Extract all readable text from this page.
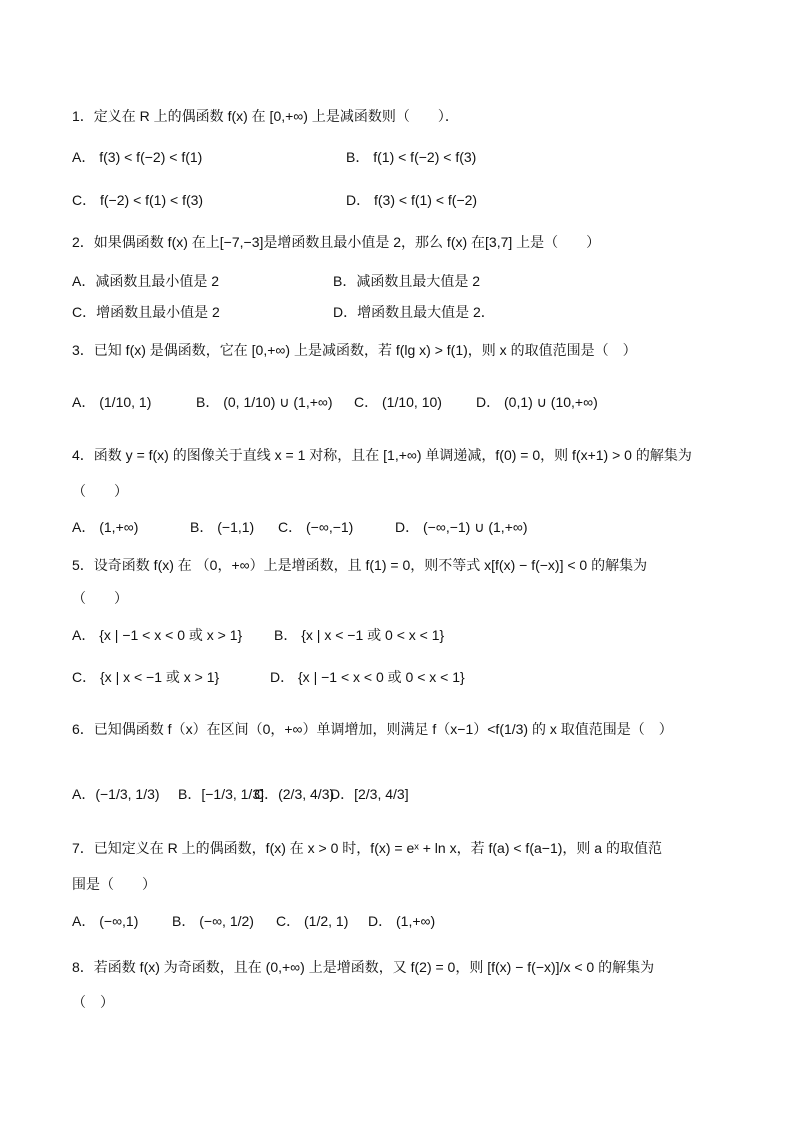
1．定义在 R 上的偶函数 f(x) 在 [0,+∞) 上是减函数则（　　）．
A． f(3) < f(−2) < f(1)	B． f(1) < f(−2) < f(3)
C． f(−2) < f(1) < f(3)	D． f(3) < f(1) < f(−2)
2．如果偶函数 f(x) 在上[−7,−3]是增函数且最小值是 2，那么 f(x) 在[3,7] 上是（　　）
A．减函数且最小值是 2	B．减函数且最大值是 2
C．增函数且最小值是 2	D．增函数且最大值是 2．
3．已知 f(x) 是偶函数，它在 [0,+∞) 上是减函数，若 f(lg x) > f(1)，则 x 的取值范围是（　）
A． (1/10, 1)	B． (0, 1/10) ∪ (1,+∞) C． (1/10, 10) D． (0,1) ∪ (10,+∞)
4．函数 y = f(x) 的图像关于直线 x = 1 对称，且在 [1,+∞) 单调递减，f(0) = 0，则 f(x+1) > 0 的解集为
（　　）
A． (1,+∞)	B． (−1,1) C． (−∞,−1)	D． (−∞,−1) ∪ (1,+∞)
5．设奇函数 f(x) 在 （0，+∞）上是增函数，且 f(1) = 0，则不等式 x[f(x) − f(−x)] < 0 的解集为
（　　）
A． {x | −1 < x < 0 或 x > 1} B． {x | x < −1 或 0 < x < 1}
C． {x | x < −1 或 x > 1}	D． {x | −1 < x < 0 或 0 < x < 1}
6．已知偶函数 f（x）在区间（0，+∞）单调增加，则满足 f（x−1）<f(1/3) 的 x 取值范围是（　）
A．(−1/3, 1/3) B．[−1/3, 1/3]
C．(2/3, 4/3)
D．[2/3, 4/3]
7．已知定义在 R 上的偶函数，f(x) 在 x > 0 时，f(x) = eˣ + ln x，若 f(a) < f(a−1)，则 a 的取值范
围是（　　）
A． (−∞,1) B． (−∞, 1/2) C． (1/2, 1) D． (1,+∞)
8．若函数 f(x) 为奇函数，且在 (0,+∞) 上是增函数，又 f(2) = 0，则 [f(x) − f(−x)]/x < 0 的解集为
（　）
